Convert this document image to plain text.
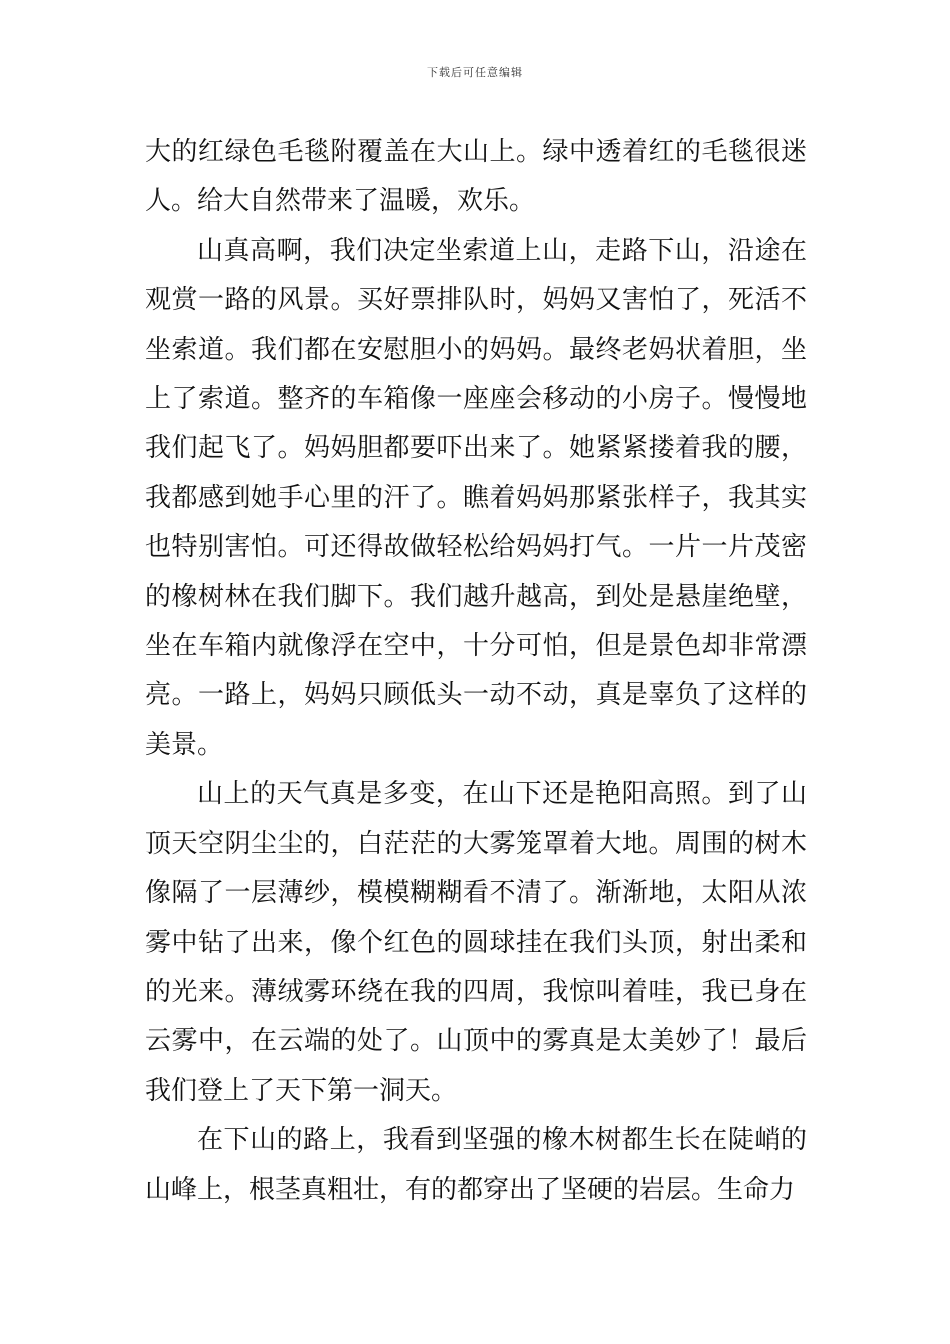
下载后可任意编辑

大的红绿色毛毯附覆盖在大山上。绿中透着红的毛毯很迷人。给大自然带来了温暖，欢乐。

山真高啊，我们决定坐索道上山，走路下山，沿途在观赏一路的风景。买好票排队时，妈妈又害怕了，死活不坐索道。我们都在安慰胆小的妈妈。最终老妈状着胆，坐上了索道。整齐的车箱像一座座会移动的小房子。慢慢地我们起飞了。妈妈胆都要吓出来了。她紧紧搂着我的腰，我都感到她手心里的汗了。瞧着妈妈那紧张样子，我其实也特别害怕。可还得故做轻松给妈妈打气。一片一片茂密的橡树林在我们脚下。我们越升越高，到处是悬崖绝壁，坐在车箱内就像浮在空中，十分可怕，但是景色却非常漂亮。一路上，妈妈只顾低头一动不动，真是辜负了这样的美景。

山上的天气真是多变，在山下还是艳阳高照。到了山顶天空阴尘尘的，白茫茫的大雾笼罩着大地。周围的树木像隔了一层薄纱，模模糊糊看不清了。渐渐地，太阳从浓雾中钻了出来，像个红色的圆球挂在我们头顶，射出柔和的光来。薄绒雾环绕在我的四周，我惊叫着哇，我已身在云雾中，在云端的处了。山顶中的雾真是太美妙了！最后我们登上了天下第一洞天。

在下山的路上，我看到坚强的橡木树都生长在陡峭的山峰上，根茎真粗壮，有的都穿出了坚硬的岩层。生命力
